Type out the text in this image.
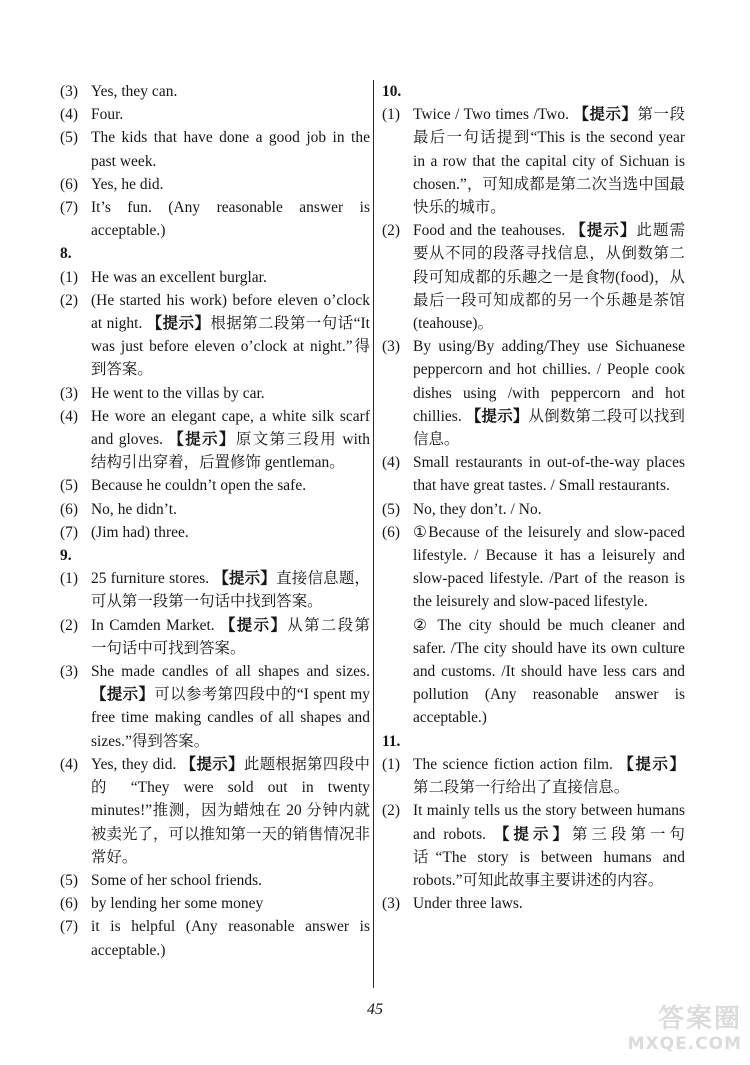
(3) Yes, they can.
(4) Four.
(5) The kids that have done a good job in the past week.
(6) Yes, he did.
(7) It’s fun. (Any reasonable answer is acceptable.)
8.
(1) He was an excellent burglar.
(2) (He started his work) before eleven o’clock at night. 【提示】根据第二段第一句话“It was just before eleven o’clock at night.”得到答案。
(3) He went to the villas by car.
(4) He wore an elegant cape, a white silk scarf and gloves. 【提示】原文第三段用 with 结构引出穿着，后置修饰 gentleman。
(5) Because he couldn’t open the safe.
(6) No, he didn’t.
(7) (Jim had) three.
9.
(1) 25 furniture stores. 【提示】直接信息题，可从第一段第一句话中找到答案。
(2) In Camden Market. 【提示】从第二段第一句话中可找到答案。
(3) She made candles of all shapes and sizes. 【提示】可以参考第四段中的“I spent my free time making candles of all shapes and sizes.”得到答案。
(4) Yes, they did. 【提示】此题根据第四段中的 “They were sold out in twenty minutes!”推测，因为蜡烛在 20 分钟内就被卖光了，可以推知第一天的销售情况非常好。
(5) Some of her school friends.
(6) by lending her some money
(7) it is helpful (Any reasonable answer is acceptable.)
10.
(1) Twice / Two times /Two. 【提示】第一段最后一句话提到“This is the second year in a row that the capital city of Sichuan is chosen.”，可知成都是第二次当选中国最快乐的城市。
(2) Food and the teahouses. 【提示】此题需要从不同的段落寻找信息，从倒数第二段可知成都的乐趣之一是食物(food)，从最后一段可知成都的另一个乐趣是茶馆(teahouse)。
(3) By using/By adding/They use Sichuanese peppercorn and hot chillies. / People cook dishes using /with peppercorn and hot chillies. 【提示】从倒数第二段可以找到信息。
(4) Small restaurants in out-of-the-way places that have great tastes. / Small restaurants.
(5) No, they don’t. / No.
(6) ①Because of the leisurely and slow-paced lifestyle. / Because it has a leisurely and slow-paced lifestyle. /Part of the reason is the leisurely and slow-paced lifestyle.
② The city should be much cleaner and safer. /The city should have its own culture and customs. /It should have less cars and pollution (Any reasonable answer is acceptable.)
11.
(1) The science fiction action film. 【提示】第二段第一行给出了直接信息。
(2) It mainly tells us the story between humans and robots. 【提示】第三段第一句话“The story is between humans and robots.”可知此故事主要讲述的内容。
(3) Under three laws.
45	答案圈
MXQE.COM
